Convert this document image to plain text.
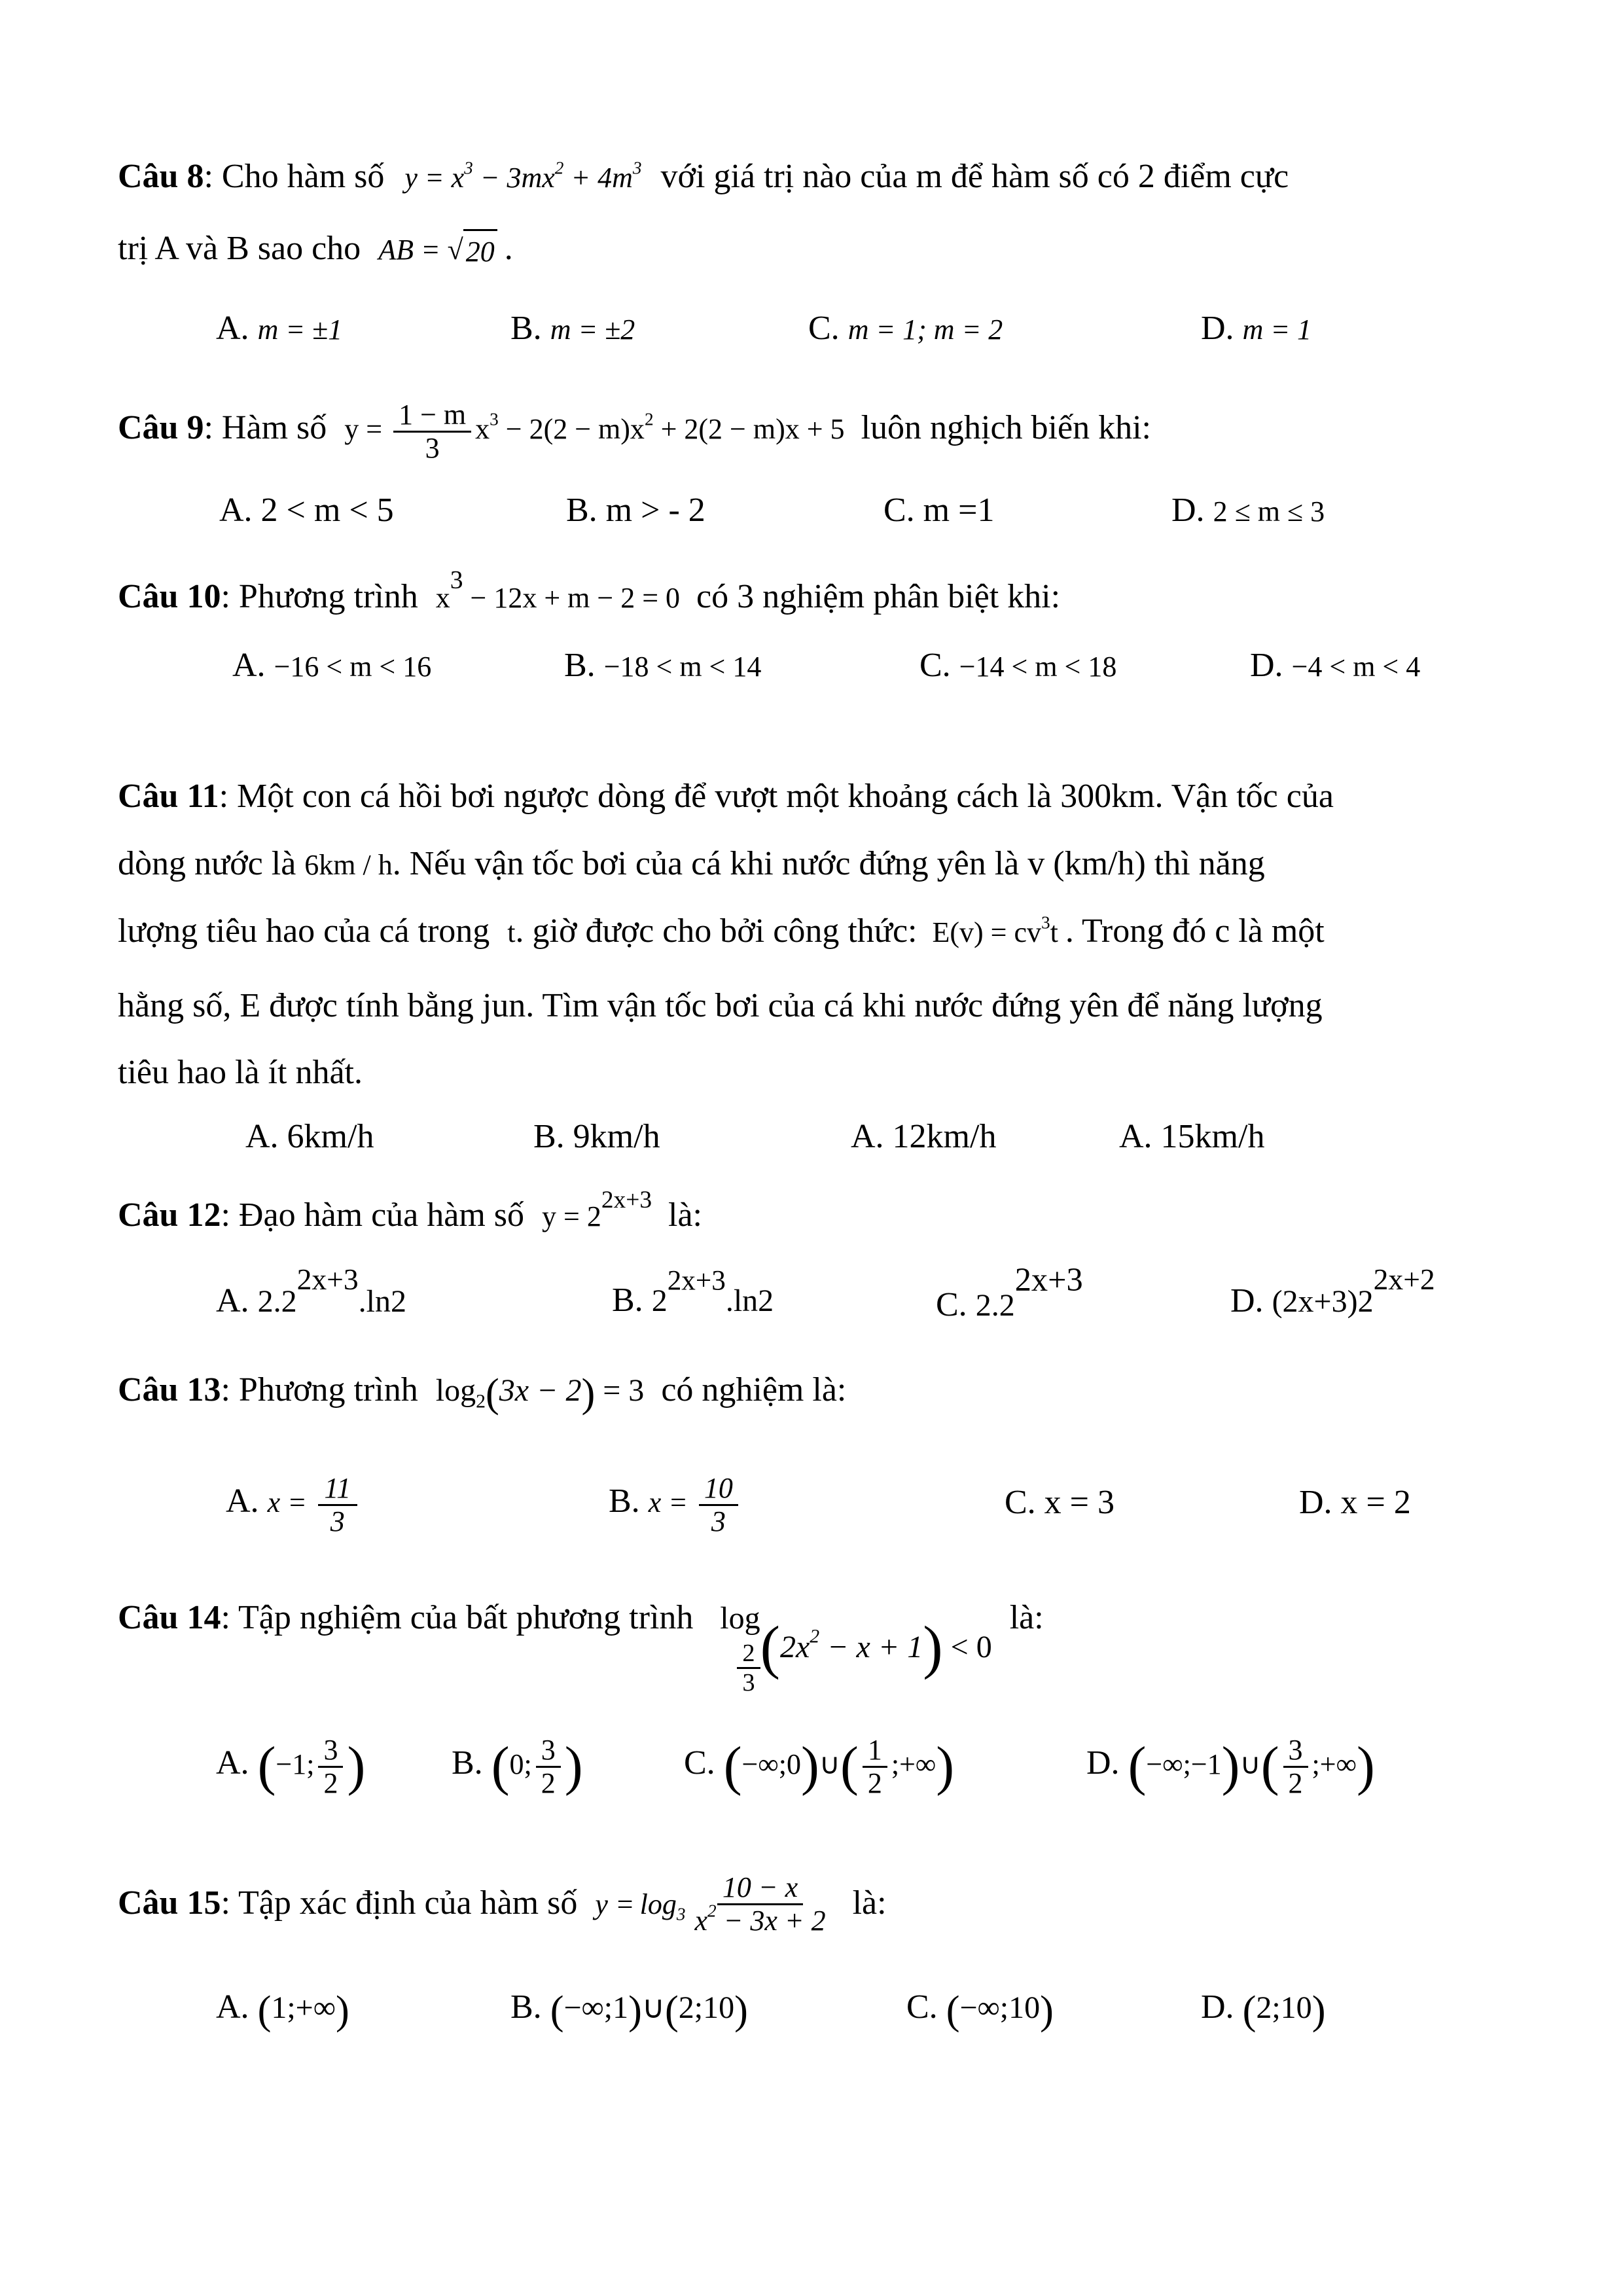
Câu 8: Cho hàm số $y = x^3 - 3mx^2 + 4m^3$ với giá trị nào của m để hàm số có 2 điểm cực
trị A và B sao cho AB = √ 20 .
A. m = ±1	B. m = ±2	C. m = 1; m = 2	D. m = 1
Câu 9: Hàm số $y = \frac{1 - m}{3} x^3 - 2(2 - m)x^2 + 2(2 - m)x + 5$ luôn nghịch biến khi:
A. 2 < m < 5	B. m > - 2	C. m =1	D. 2 ≤ m ≤ 3
Câu 10: Phương trình $x^3 - 12x + m - 2 = 0$ có 3 nghiệm phân biệt khi:
A. −16 < m < 16	B. −18 < m < 14	C. −14 < m < 18	D. −4 < m < 4
Câu 11: Một con cá hồi bơi ngược dòng để vượt một khoảng cách là 300km. Vận tốc của
dòng nước là 6km / h. Nếu vận tốc bơi của cá khi nước đứng yên là v (km/h) thì năng
lượng tiêu hao của cá trong t. giờ được cho bởi công thức: $E(v) = cv^3t$ . Trong đó c là một
hằng số, E được tính bằng jun. Tìm vận tốc bơi của cá khi nước đứng yên để năng lượng
tiêu hao là ít nhất.
A. 6km/h	B. 9km/h	A. 12km/h	A. 15km/h
Câu 12: Đạo hàm của hàm số $y = 2^{2x+3}$ là:
A. $2.2^{2x+3}.\ln 2$	B. $2^{2x+3}.\ln 2$	C. $2.2^{2x+3}$
D. $(2x+3)2^{2x+2}$
Câu 13: Phương trình $\log_2(3x - 2) = 3$ có nghiệm là:
A. $x = \frac{11}{3}$	B. $x = \frac{10}{3}$	C. x = 3	D. x = 2
Câu 14: Tập nghiệm của bất phương trình log
$\frac{2}{3}$ ( $2x^2 - x + 1$ ) < 0 là:
A. (−1; $\frac{3}{2}$ )	B. (0; $\frac{3}{2}$ )	C. (−∞;0)∪( $\frac{1}{2}$ ;+∞)	D. (−∞;−1)∪( $\frac{3}{2}$ ;+∞)
Câu 15: Tập xác định của hàm số $y = \log_3 \frac{10 - x}{x^2 - 3x + 2}$ là:
A. (1;+∞)	B. (−∞;1)∪(2;10)	C. (−∞;10)	D. (2;10)
